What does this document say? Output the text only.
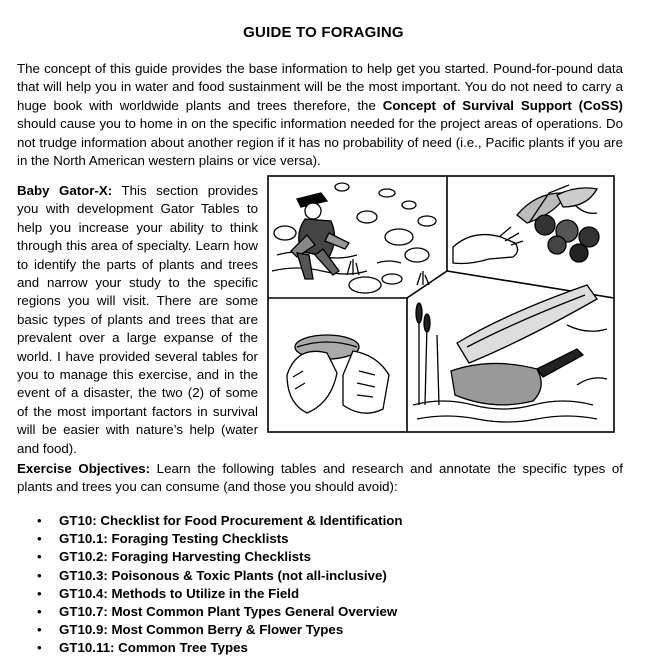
GUIDE TO FORAGING

The concept of this guide provides the base information to help get you started. Pound-for-pound data that will help you in water and food sustainment will be the most important. You do not need to carry a huge book with worldwide plants and trees therefore, the Concept of Survival Support (CoSS) should cause you to home in on the specific information needed for the project areas of operations. Do not trudge information about another region if it has no probability of need (i.e., Pacific plants if you are in the North American western plains or vice versa).

Baby Gator-X: This section provides you with development Gator Tables to help you increase your ability to think through this area of specialty. Learn how to identify the parts of plants and trees and narrow your study to the specific regions you will visit. There are some basic types of plants and trees that are prevalent over a large expanse of the world. I have provided several tables for you to manage this exercise, and in the event of a disaster, the two (2) of some of the most important factors in survival will be easier with nature’s help (water and food).

Exercise Objectives: Learn the following tables and research and annotate the specific types of plants and trees you can consume (and those you should avoid):

• GT10: Checklist for Food Procurement & Identification
• GT10.1: Foraging Testing Checklists
• GT10.2: Foraging Harvesting Checklists
• GT10.3: Poisonous & Toxic Plants (not all-inclusive)
• GT10.4: Methods to Utilize in the Field
• GT10.7: Most Common Plant Types General Overview
• GT10.9: Most Common Berry & Flower Types
• GT10.11: Common Tree Types
